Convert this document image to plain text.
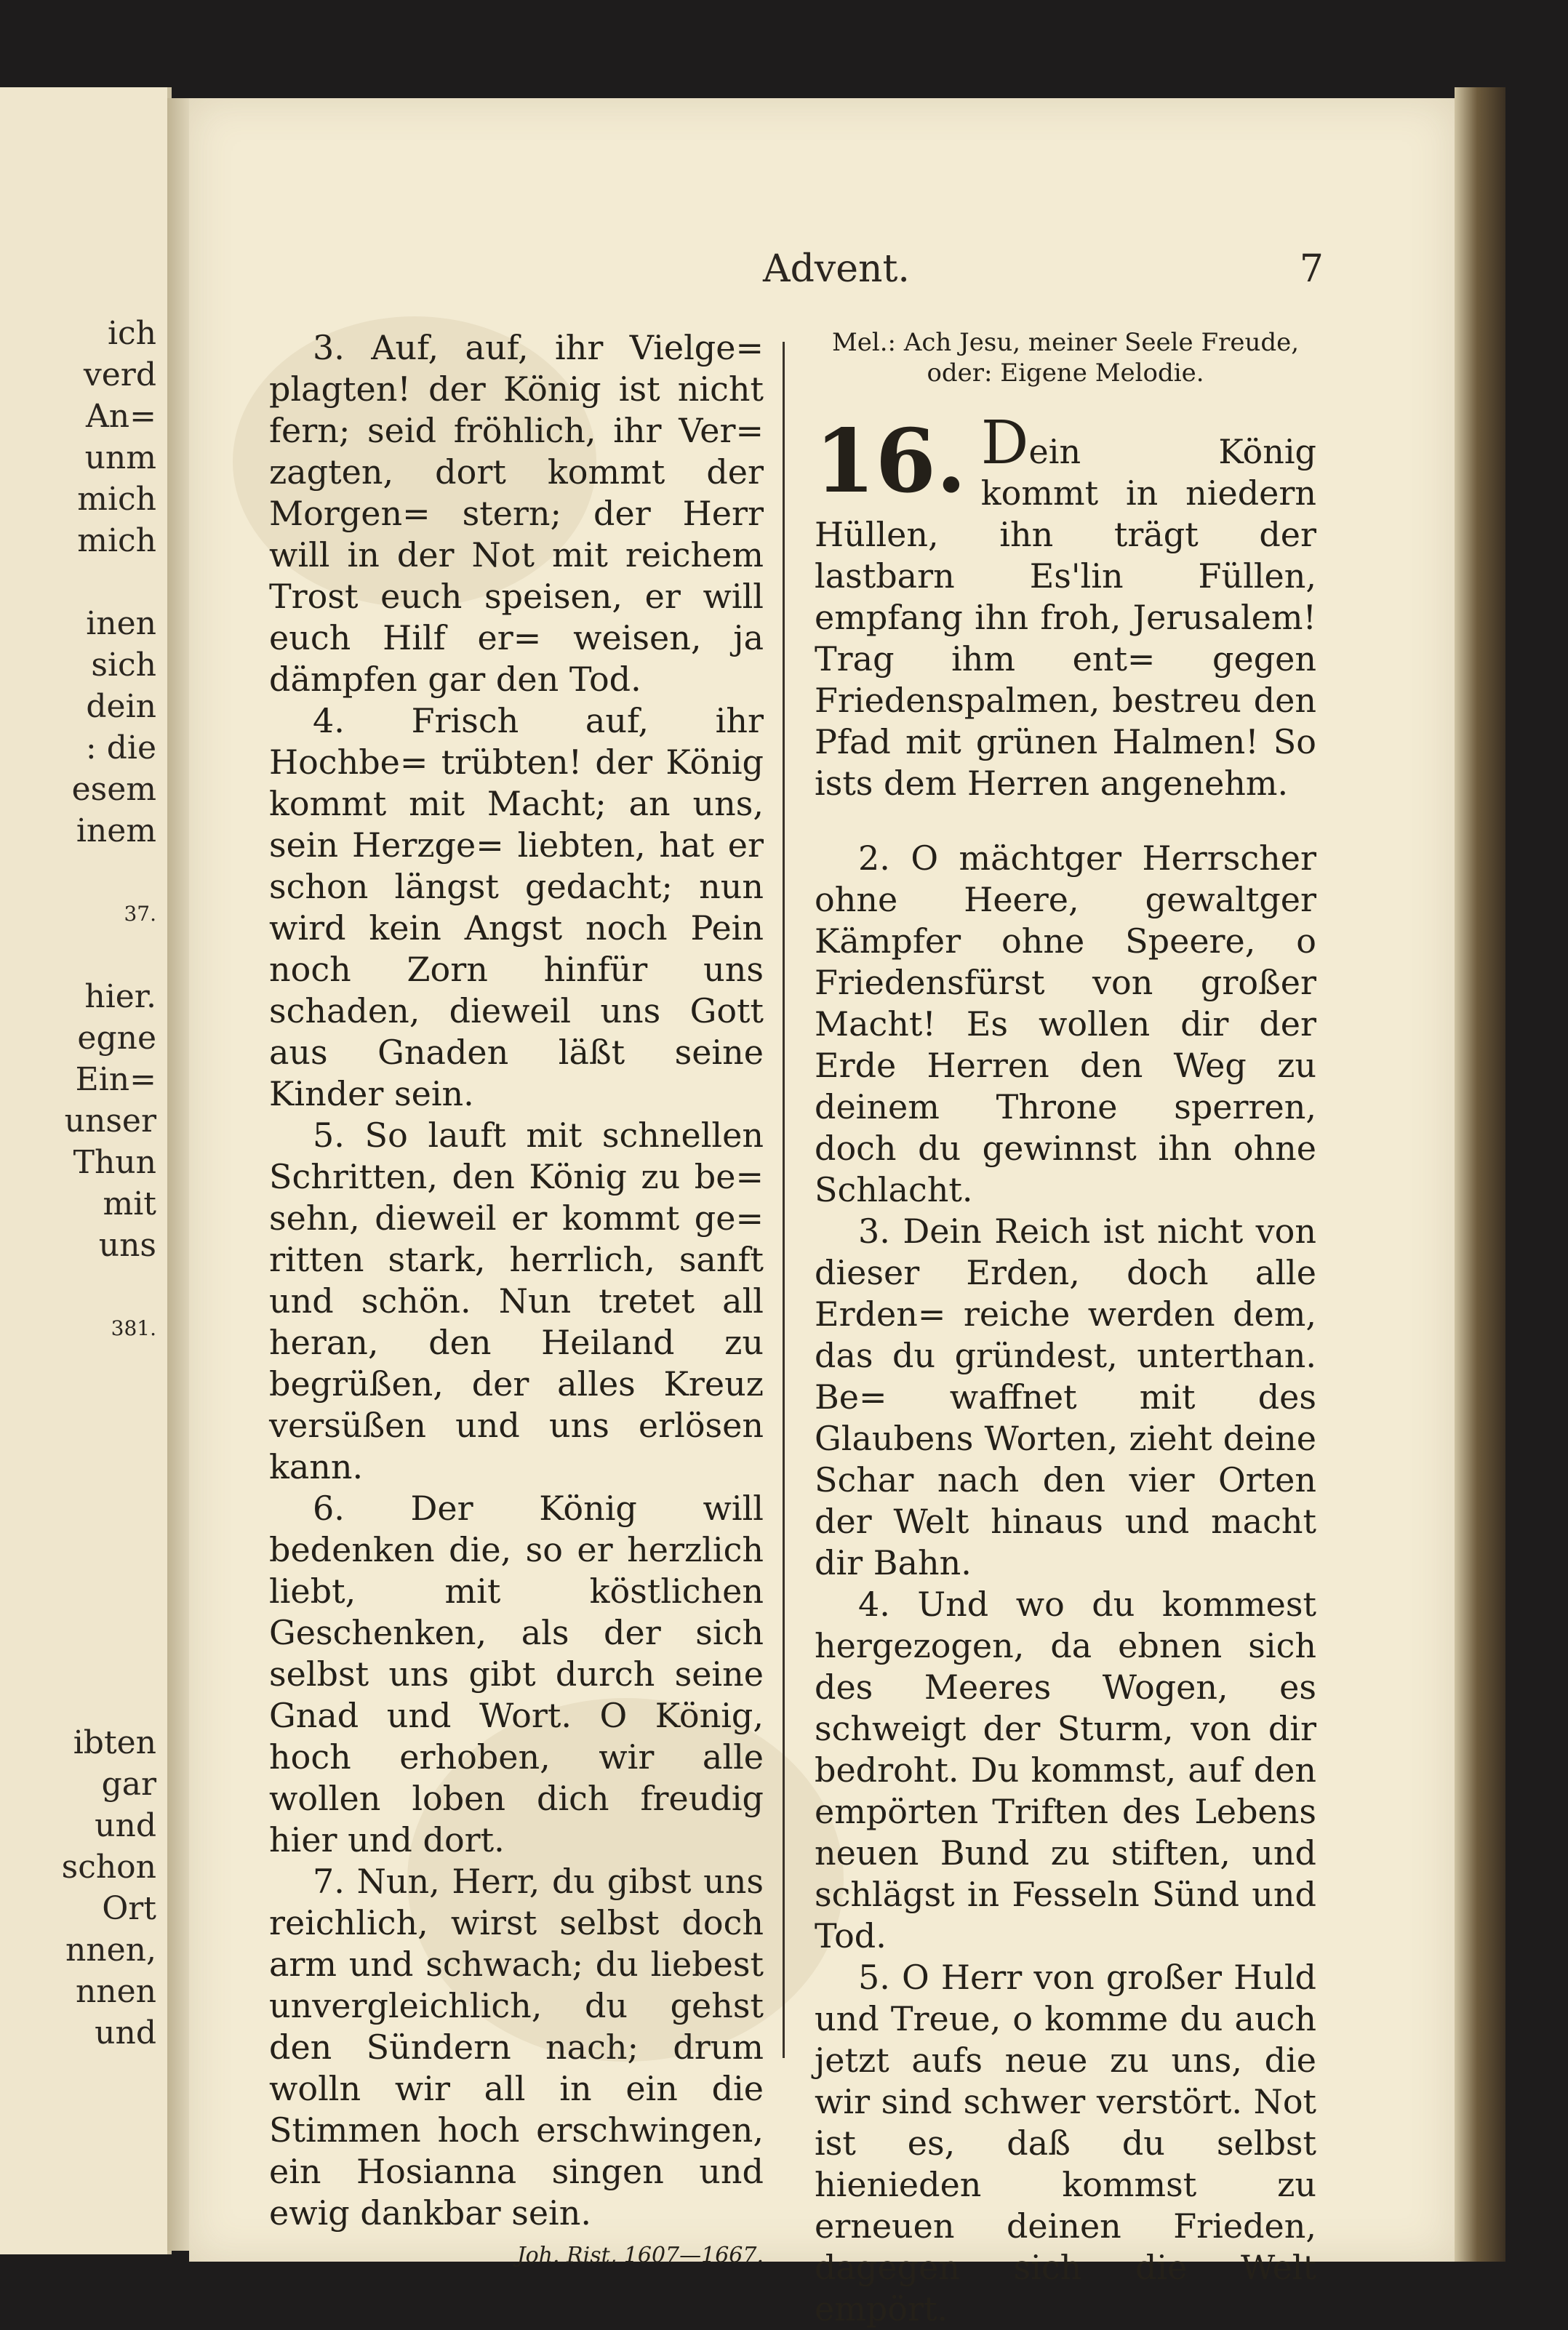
ich
verd
An=
unm
mich
mich
inen
sich
dein
: die
esem
inem
37.
hier.
egne
Ein=
unser
Thun
mit
uns
381.
ibten
gar
und
schon
Ort
nnen,
nnen
und
Advent.	7

3. Auf, auf, ihr Vielge= plagten! der König ist nicht fern; seid fröhlich, ihr Ver= zagten, dort kommt der Morgen= stern; der Herr will in der Not mit reichem Trost euch speisen, er will euch Hilf er= weisen, ja dämpfen gar den Tod.

4. Frisch auf, ihr Hochbe= trübten! der König kommt mit Macht; an uns, sein Herzge= liebten, hat er schon längst gedacht; nun wird kein Angst noch Pein noch Zorn hinfür uns schaden, dieweil uns Gott aus Gnaden läßt seine Kinder sein.

5. So lauft mit schnellen Schritten, den König zu be= sehn, dieweil er kommt ge= ritten stark, herrlich, sanft und schön. Nun tretet all heran, den Heiland zu begrüßen, der alles Kreuz versüßen und uns erlösen kann.

6. Der König will bedenken die, so er herzlich liebt, mit köstlichen Geschenken, als der sich selbst uns gibt durch seine Gnad und Wort. O König, hoch erhoben, wir alle wollen loben dich freudig hier und dort.

7. Nun, Herr, du gibst uns reichlich, wirst selbst doch arm und schwach; du liebest unvergleichlich, du gehst den Sündern nach; drum wolln wir all in ein die Stimmen hoch erschwingen, ein Hosianna singen und ewig dankbar sein.

Joh. Rist, 1607—1667.
Mel.: Ach Jesu, meiner Seele Freude,
oder: Eigene Melodie.

16. Dein König kommt in niedern Hüllen, ihn trägt der lastbarn Es'lin Füllen, empfang ihn froh, Jerusalem! Trag ihm ent= gegen Friedenspalmen, bestreu den Pfad mit grünen Halmen! So ists dem Herren angenehm.

2. O mächtger Herrscher ohne Heere, gewaltger Kämpfer ohne Speere, o Friedensfürst von großer Macht! Es wollen dir der Erde Herren den Weg zu deinem Throne sperren, doch du gewinnst ihn ohne Schlacht.

3. Dein Reich ist nicht von dieser Erden, doch alle Erden= reiche werden dem, das du gründest, unterthan. Be= waffnet mit des Glaubens Worten, zieht deine Schar nach den vier Orten der Welt hinaus und macht dir Bahn.

4. Und wo du kommest hergezogen, da ebnen sich des Meeres Wogen, es schweigt der Sturm, von dir bedroht. Du kommst, auf den empörten Triften des Lebens neuen Bund zu stiften, und schlägst in Fesseln Sünd und Tod.

5. O Herr von großer Huld und Treue, o komme du auch jetzt aufs neue zu uns, die wir sind schwer verstört. Not ist es, daß du selbst hienieden kommst zu erneuen deinen Frieden, dagegen sich die Welt empört.
